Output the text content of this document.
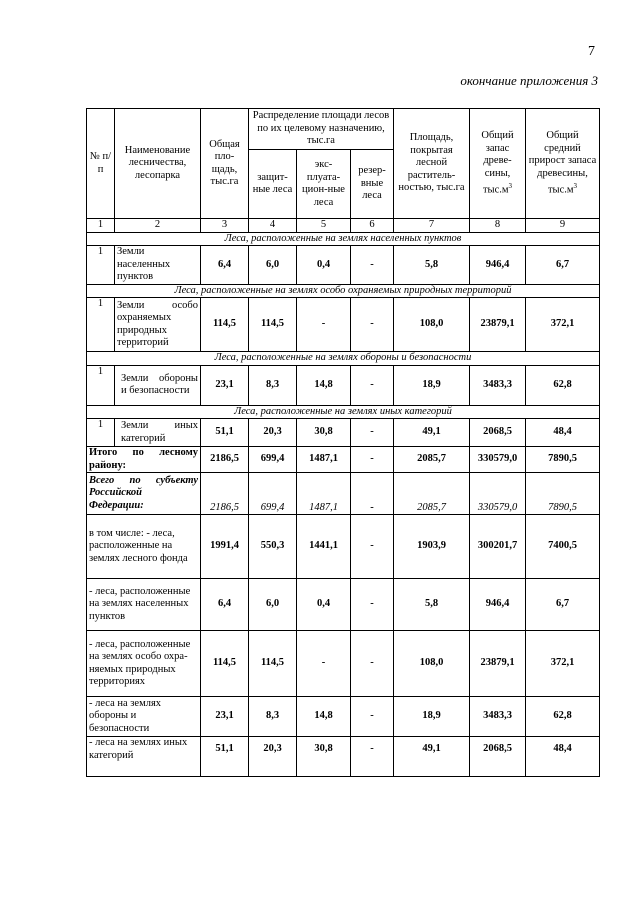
7
окончание приложения 3
№ п/п	Наименование лесничества, лесопарка	Общая пло-щадь, тыс.га	Распределение площади лесов по их целевому назначению, тыс.га			Площадь, покрытая лесной раститель-ностью, тыс.га	Общий запас древе-сины, $тыс.м^3$	Общий средний прирост запаса древесины, $тыс.м^3$
			защит-ные леса	экс-плуата-цион-ные леса	резер-вные леса			
1	2	3	4	5	6	7	8	9
Леса, расположенные на землях населенных пунктов								
1	Земли населенных пунктов	6,4	6,0	0,4	-	5,8	946,4	6,7
Леса, расположенные на землях особо охраняемых природных территорий								
1	Земли особо охраняемых природных территорий	114,5	114,5	-	-	108,0	23879,1	372,1
Леса, расположенные на землях обороны и безопасности								
1	Земли обороны и безопасности	23,1	8,3	14,8	-	18,9	3483,3	62,8
Леса, расположенные на землях иных категорий								
1	Земли иных категорий	51,1	20,3	30,8	-	49,1	2068,5	48,4
Итого по лесному району:		2186,5	699,4	1487,1	-	2085,7	330579,0	7890,5
Всего по субъекту Российской Федерации:		2186,5	699,4	1487,1	-	2085,7	330579,0	7890,5
в том числе: - леса, расположенные на землях лесного фонда		1991,4	550,3	1441,1	-	1903,9	300201,7	7400,5
- леса, расположенные на землях населенных пунктов		6,4	6,0	0,4	-	5,8	946,4	6,7
- леса, расположенные на землях особо охра-няемых природных территориях		114,5	114,5	-	-	108,0	23879,1	372,1
- леса на землях обороны и безопасности		23,1	8,3	14,8	-	18,9	3483,3	62,8
- леса на землях иных категорий		51,1	20,3	30,8	-	49,1	2068,5	48,4
